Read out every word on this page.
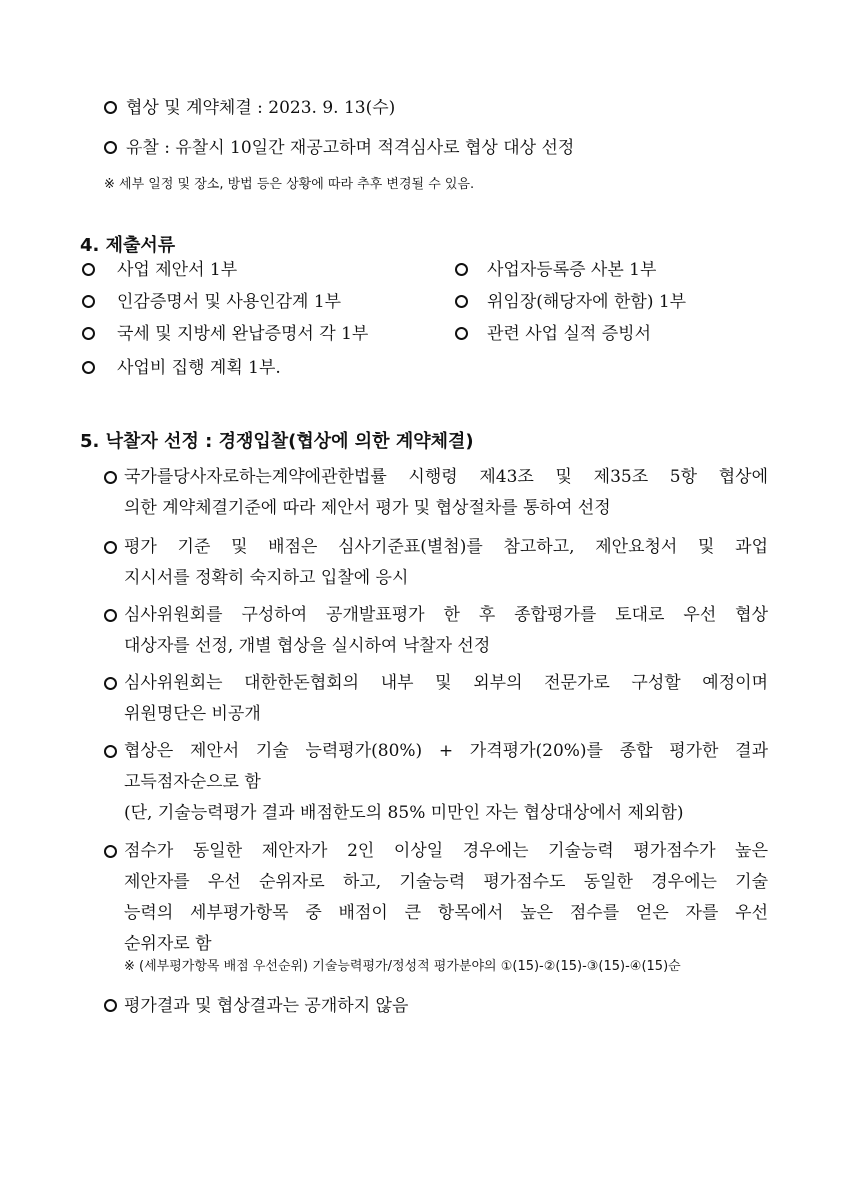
협상 및 계약체결 : 2023. 9. 13(수)
유찰 : 유찰시 10일간 재공고하며 적격심사로 협상 대상 선정
※ 세부 일정 및 장소, 방법 등은 상황에 따라 추후 변경될 수 있음.
4. 제출서류
사업 제안서 1부	사업자등록증 사본 1부
인감증명서 및 사용인감계 1부	위임장(해당자에 한함) 1부
국세 및 지방세 완납증명서 각 1부	관련 사업 실적 증빙서
사업비 집행 계획 1부.
5. 낙찰자 선정 : 경쟁입찰(협상에 의한 계약체결)
국가를당사자로하는계약에관한법률 시행령 제43조 및 제35조 5항 협상에
의한 계약체결기준에 따라 제안서 평가 및 협상절차를 통하여 선정
평가 기준 및 배점은 심사기준표(별첨)를 참고하고, 제안요청서 및 과업
지시서를 정확히 숙지하고 입찰에 응시
심사위원회를 구성하여 공개발표평가 한 후 종합평가를 토대로 우선 협상
대상자를 선정, 개별 협상을 실시하여 낙찰자 선정
심사위원회는 대한한돈협회의 내부 및 외부의 전문가로 구성할 예정이며
위원명단은 비공개
협상은 제안서 기술 능력평가(80%) + 가격평가(20%)를 종합 평가한 결과
고득점자순으로 함
(단, 기술능력평가 결과 배점한도의 85% 미만인 자는 협상대상에서 제외함)
점수가 동일한 제안자가 2인 이상일 경우에는 기술능력 평가점수가 높은
제안자를 우선 순위자로 하고, 기술능력 평가점수도 동일한 경우에는 기술
능력의 세부평가항목 중 배점이 큰 항목에서 높은 점수를 얻은 자를 우선
순위자로 함
※ (세부평가항목 배점 우선순위) 기술능력평가/정성적 평가분야의 ①(15)-②(15)-③(15)-④(15)순
평가결과 및 협상결과는 공개하지 않음
